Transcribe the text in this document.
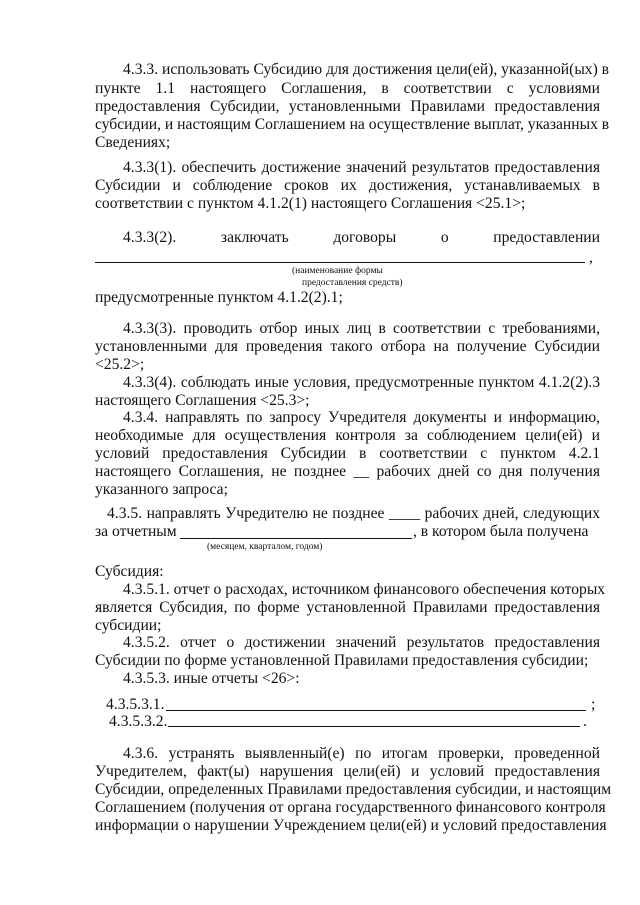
4.3.3. использовать Субсидию для достижения цели(ей), указанной(ых) в
пункте 1.1 настоящего Соглашения, в соответствии с условиями
предоставления Субсидии, установленными Правилами предоставления
субсидии, и настоящим Соглашением на осуществление выплат, указанных в
Сведениях;
4.3.3(1). обеспечить достижение значений результатов предоставления
Субсидии и соблюдение сроков их достижения, устанавливаемых в
соответствии с пунктом 4.1.2(1) настоящего Соглашения <25.1>;
4.3.3(2). заключать договоры о предоставлении
,
(наименование формы
предоставления средств)
предусмотренные пунктом 4.1.2(2).1;
4.3.3(3). проводить отбор иных лиц в соответствии с требованиями,
установленными для проведения такого отбора на получение Субсидии
<25.2>;
4.3.3(4). соблюдать иные условия, предусмотренные пунктом 4.1.2(2).3
настоящего Соглашения <25.3>;
4.3.4. направлять по запросу Учредителя документы и информацию,
необходимые для осуществления контроля за соблюдением цели(ей) и
условий предоставления Субсидии в соответствии с пунктом 4.2.1
настоящего Соглашения, не позднее __ рабочих дней со дня получения
указанного запроса;
4.3.5. направлять Учредителю не позднее ____ рабочих дней, следующих
за отчетным	, в котором была получена
(месяцем, кварталом, годом)
Субсидия:
4.3.5.1. отчет о расходах, источником финансового обеспечения которых
является Субсидия, по форме установленной Правилами предоставления
субсидии;
4.3.5.2. отчет о достижении значений результатов предоставления
Субсидии по форме установленной Правилами предоставления субсидии;
4.3.5.3. иные отчеты <26>:
4.3.5.3.1.	;
4.3.5.3.2.	.
4.3.6. устранять выявленный(е) по итогам проверки, проведенной
Учредителем, факт(ы) нарушения цели(ей) и условий предоставления
Субсидии, определенных Правилами предоставления субсидии, и настоящим
Соглашением (получения от органа государственного финансового контроля
информации о нарушении Учреждением цели(ей) и условий предоставления
